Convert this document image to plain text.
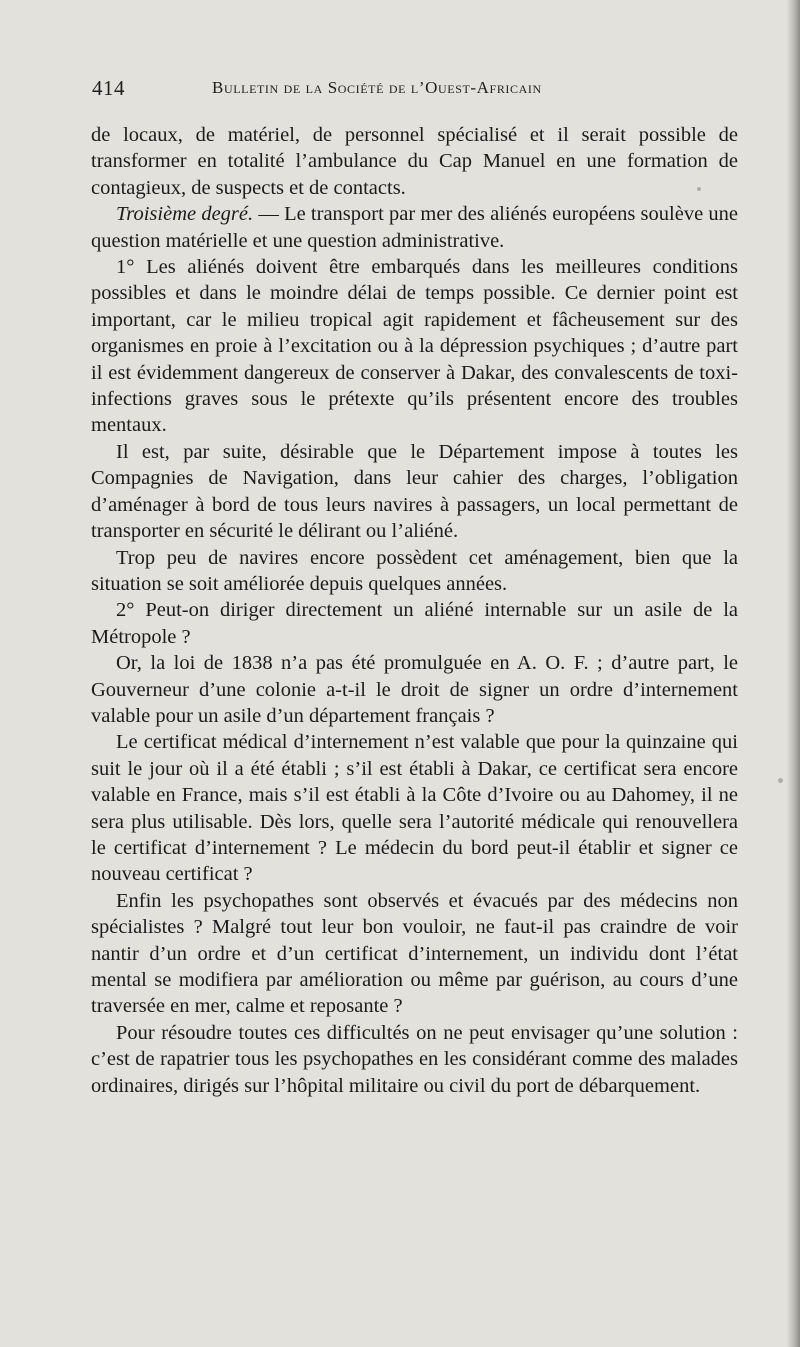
414	Bulletin de la Société de l’Ouest-Africain

de locaux, de matériel, de personnel spécialisé et il serait possible de transformer en totalité l’ambulance du Cap Manuel en une formation de contagieux, de suspects et de contacts.

Troisième degré. — Le transport par mer des aliénés européens soulève une question matérielle et une question administrative.

1° Les aliénés doivent être embarqués dans les meilleures conditions possibles et dans le moindre délai de temps possible. Ce dernier point est important, car le milieu tropical agit rapidement et fâcheusement sur des organismes en proie à l’excitation ou à la dépression psychiques ; d’autre part il est évidemment dangereux de conserver à Dakar, des convalescents de toxi-infections graves sous le prétexte qu’ils présentent encore des troubles mentaux.

Il est, par suite, désirable que le Département impose à toutes les Compagnies de Navigation, dans leur cahier des charges, l’obligation d’aménager à bord de tous leurs navires à passagers, un local permettant de transporter en sécurité le délirant ou l’aliéné.

Trop peu de navires encore possèdent cet aménagement, bien que la situation se soit améliorée depuis quelques années.

2° Peut-on diriger directement un aliéné internable sur un asile de la Métropole ?

Or, la loi de 1838 n’a pas été promulguée en A. O. F. ; d’autre part, le Gouverneur d’une colonie a-t-il le droit de signer un ordre d’internement valable pour un asile d’un département français ?

Le certificat médical d’internement n’est valable que pour la quinzaine qui suit le jour où il a été établi ; s’il est établi à Dakar, ce certificat sera encore valable en France, mais s’il est établi à la Côte d’Ivoire ou au Dahomey, il ne sera plus utilisable. Dès lors, quelle sera l’autorité médicale qui renouvellera le certificat d’internement ? Le médecin du bord peut-il établir et signer ce nouveau certificat ?

Enfin les psychopathes sont observés et évacués par des médecins non spécialistes ? Malgré tout leur bon vouloir, ne faut-il pas craindre de voir nantir d’un ordre et d’un certificat d’internement, un individu dont l’état mental se modifiera par amélioration ou même par guérison, au cours d’une traversée en mer, calme et reposante ?

Pour résoudre toutes ces difficultés on ne peut envisager qu’une solution : c’est de rapatrier tous les psychopathes en les considérant comme des malades ordinaires, dirigés sur l’hôpital militaire ou civil du port de débarquement.
